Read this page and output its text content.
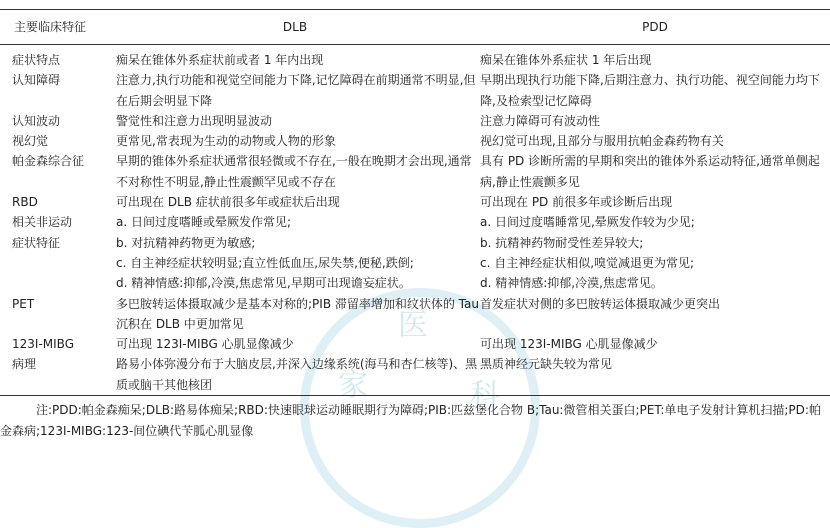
医
家	科
主要临床特征	DLB	PDD
症状特点	痴呆在锥体外系症状前或者 1 年内出现	痴呆在锥体外系症状 1 年后出现
认知障碍	注意力,执行功能和视觉空间能力下降,记忆障碍在前期通常不明显,但在后期会明显下降	早期出现执行功能下降,后期注意力、执行功能、视空间能力均下降,及检索型记忆障碍
认知波动	警觉性和注意力出现明显波动	注意力障碍可有波动性
视幻觉	更常见,常表现为生动的动物或人物的形象	视幻觉可出现,且部分与服用抗帕金森药物有关
帕金森综合征	早期的锥体外系症状通常很轻微或不存在,一般在晚期才会出现,通常不对称性不明显,静止性震颤罕见或不存在	具有 PD 诊断所需的早期和突出的锥体外系运动特征,通常单侧起病,静止性震颤多见
RBD	可出现在 DLB 症状前很多年或症状后出现	可出现在 PD 前很多年或诊断后出现
相关非运动	a. 日间过度嗜睡或晕厥发作常见;	a. 日间过度嗜睡常见,晕厥发作较为少见;
症状特征	b. 对抗精神药物更为敏感;	b. 抗精神药物耐受性差异较大;
	c. 自主神经症状较明显;直立性低血压,尿失禁,便秘,跌倒;	c. 自主神经症状相似,嗅觉减退更为常见;
	d. 精神情感:抑郁,冷漠,焦虑常见,早期可出现谵妄症状。	d. 精神情感:抑郁,冷漠,焦虑常见。
PET	多巴胺转运体摄取减少是基本对称的;PIB 滞留率增加和纹状体的 Tau 沉积在 DLB 中更加常见	首发症状对侧的多巴胺转运体摄取减少更突出
123I-MIBG	可出现 123I-MIBG 心肌显像减少	可出现 123I-MIBG 心肌显像减少
病理	路易小体弥漫分布于大脑皮层,并深入边缘系统(海马和杏仁核等)、黑质或脑干其他核团	黑质神经元缺失较为常见
注:PDD:帕金森痴呆;DLB:路易体痴呆;RBD:快速眼球运动睡眠期行为障碍;PIB:匹兹堡化合物 B;Tau:微管相关蛋白;PET:单电子发射计算机扫描;PD:帕金森病;123I-MIBG:123-间位碘代苄胍心肌显像
